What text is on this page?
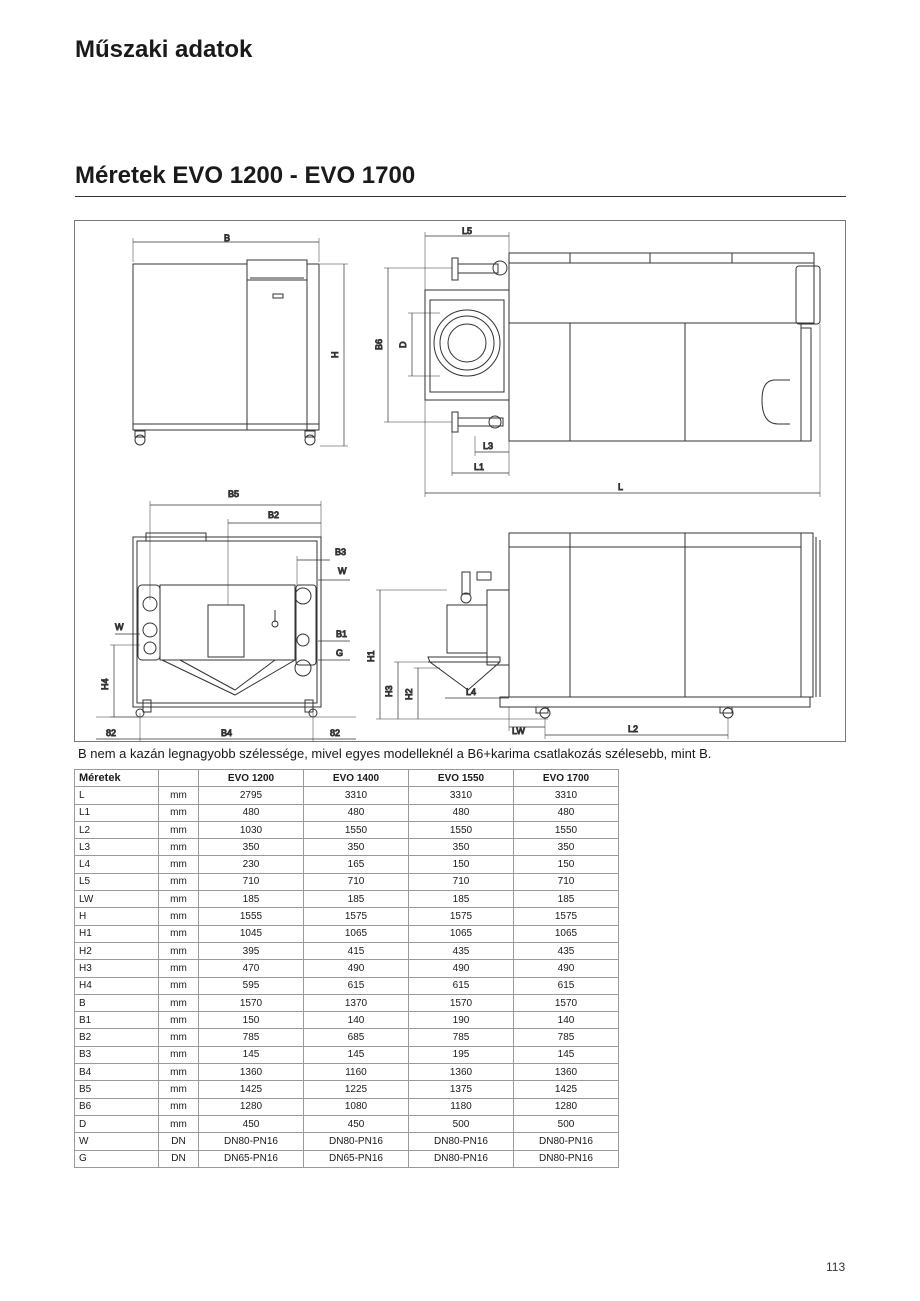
Műszaki adatok
Méretek EVO 1200 - EVO 1700
B
H
L5
B6 D
L3
L1
L
B5
B2
B3
W
W
B1
G
H4
82	B4	82
H1
H3 H2	L4
LW	L2
B nem a kazán legnagyobb szélessége, mivel egyes modelleknél a B6+karima csatlakozás szélesebb, mint B.
Méretek		EVO 1200	EVO 1400	EVO 1550	EVO 1700
L	mm	2795	3310	3310	3310
L1	mm	480	480	480	480
L2	mm	1030	1550	1550	1550
L3	mm	350	350	350	350
L4	mm	230	165	150	150
L5	mm	710	710	710	710
LW	mm	185	185	185	185
H	mm	1555	1575	1575	1575
H1	mm	1045	1065	1065	1065
H2	mm	395	415	435	435
H3	mm	470	490	490	490
H4	mm	595	615	615	615
B	mm	1570	1370	1570	1570
B1	mm	150	140	190	140
B2	mm	785	685	785	785
B3	mm	145	145	195	145
B4	mm	1360	1160	1360	1360
B5	mm	1425	1225	1375	1425
B6	mm	1280	1080	1180	1280
D	mm	450	450	500	500
W	DN	DN80-PN16	DN80-PN16	DN80-PN16	DN80-PN16
G	DN	DN65-PN16	DN65-PN16	DN80-PN16	DN80-PN16
113
